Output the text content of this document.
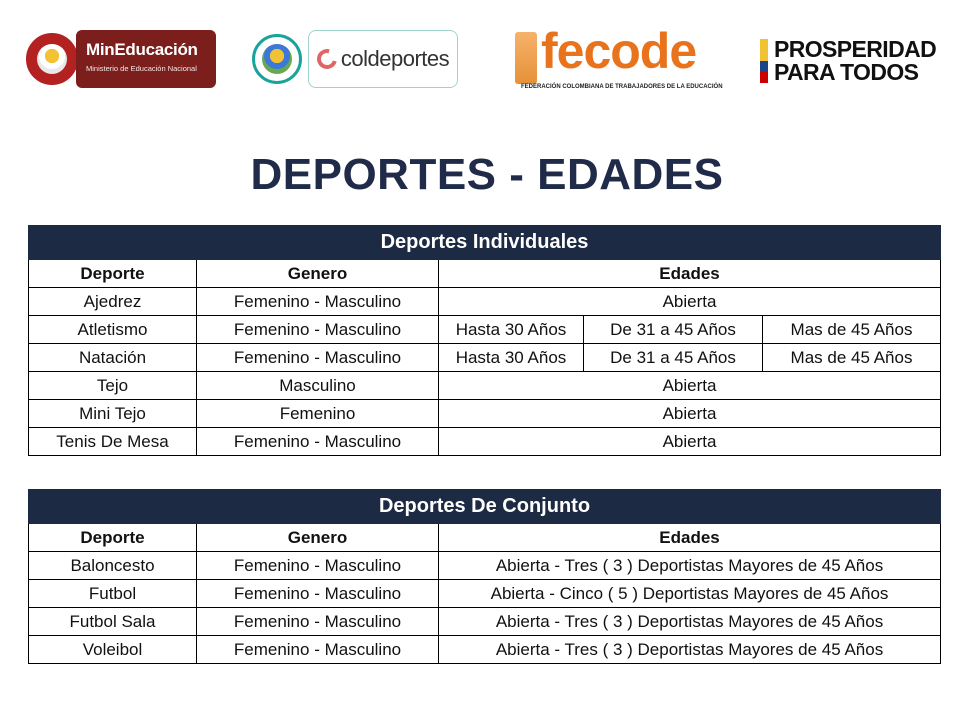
MinEducación
Ministerio de Educación Nacional	coldeportes fecode
FEDERACIÓN COLOMBIANA DE TRABAJADORES DE LA EDUCACIÓN
PROSPERIDAD
PARA TODOS
DEPORTES - EDADES
Deportes Individuales				
Deporte	Genero	Edades		
Ajedrez	Femenino - Masculino	Abierta		
Atletismo	Femenino - Masculino	Hasta 30 Años	De 31 a 45 Años	Mas de 45 Años
Natación	Femenino - Masculino	Hasta 30 Años	De 31 a 45 Años	Mas de 45 Años
Tejo	Masculino	Abierta		
Mini Tejo	Femenino	Abierta		
Tenis De Mesa	Femenino - Masculino	Abierta		
Deportes De Conjunto		
Deporte	Genero	Edades
Baloncesto	Femenino - Masculino	Abierta - Tres ( 3 ) Deportistas Mayores de 45 Años
Futbol	Femenino - Masculino	Abierta - Cinco ( 5 ) Deportistas Mayores de 45 Años
Futbol Sala	Femenino - Masculino	Abierta - Tres ( 3 ) Deportistas Mayores de 45 Años
Voleibol	Femenino - Masculino	Abierta - Tres ( 3 ) Deportistas Mayores de 45 Años
